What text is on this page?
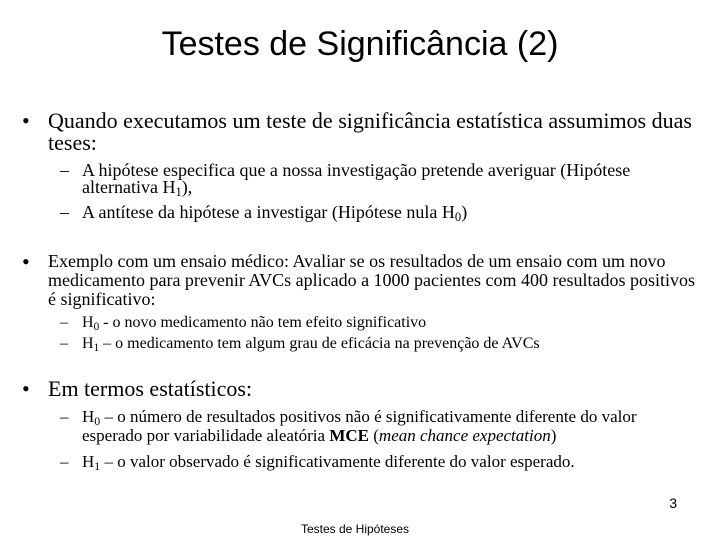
Testes de Significância (2)
• Quando executamos um teste de significância estatística assumimos duas teses:
– A hipótese especifica que a nossa investigação pretende averiguar (Hipótese alternativa $H_1$),
– A antítese da hipótese a investigar (Hipótese nula $H_0$)
• Exemplo com um ensaio médico: Avaliar se os resultados de um ensaio com um novo medicamento para prevenir AVCs aplicado a 1000 pacientes com 400 resultados positivos é significativo:
– $H_0$ - o novo medicamento não tem efeito significativo
– $H_1$ – o medicamento tem algum grau de eficácia na prevenção de AVCs
• Em termos estatísticos:
– $H_0$ – o número de resultados positivos não é significativamente diferente do valor esperado por variabilidade aleatória MCE (mean chance expectation)
– $H_1$ – o valor observado é significativamente diferente do valor esperado.
3
Testes de Hipóteses
